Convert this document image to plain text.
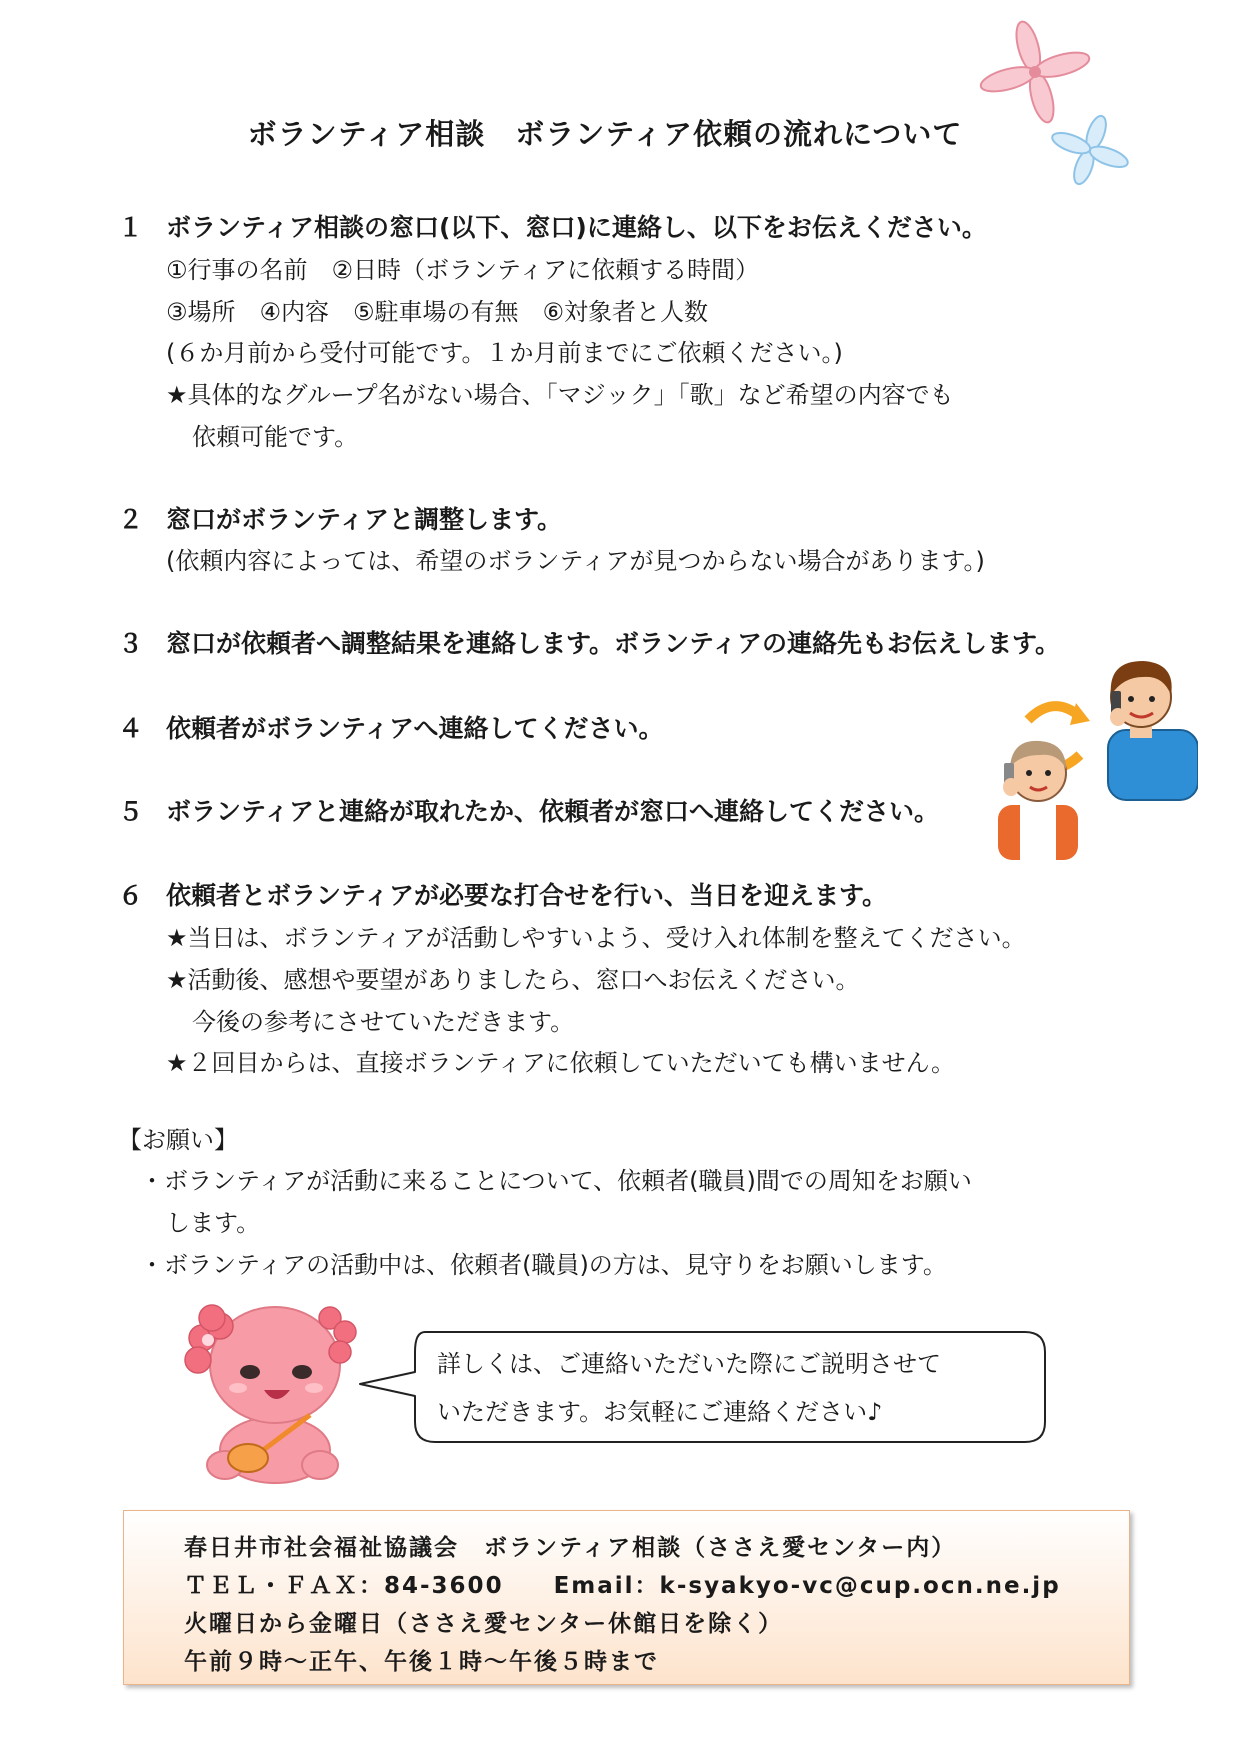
ボランティア相談　ボランティア依頼の流れについて
１ ボランティア相談の窓口(以下、窓口)に連絡し、以下をお伝えください。
①行事の名前　②日時（ボランティアに依頼する時間）
③場所　④内容　⑤駐車場の有無　⑥対象者と人数
(６か月前から受付可能です。１か月前までにご依頼ください。)
★具体的なグループ名がない場合、「マジック」「歌」など希望の内容でも
依頼可能です。
２ 窓口がボランティアと調整します。
(依頼内容によっては、希望のボランティアが見つからない場合があります。)
３ 窓口が依頼者へ調整結果を連絡します。ボランティアの連絡先もお伝えします。
４ 依頼者がボランティアへ連絡してください。
５ ボランティアと連絡が取れたか、依頼者が窓口へ連絡してください。
６ 依頼者とボランティアが必要な打合せを行い、当日を迎えます。
★当日は、ボランティアが活動しやすいよう、受け入れ体制を整えてください。
★活動後、感想や要望がありましたら、窓口へお伝えください。
今後の参考にさせていただきます。
★２回目からは、直接ボランティアに依頼していただいても構いません。
【お願い】
・ボランティアが活動に来ることについて、依頼者(職員)間での周知をお願い
します。
・ボランティアの活動中は、依頼者(職員)の方は、見守りをお願いします。
詳しくは、ご連絡いただいた際にご説明させて
いただきます。お気軽にご連絡ください♪
春日井市社会福祉協議会　ボランティア相談（ささえ愛センター内）
ＴＥＬ・ＦＡＸ：84-3600　　Email：k-syakyo-vc@cup.ocn.ne.jp
火曜日から金曜日（ささえ愛センター休館日を除く）
午前９時～正午、午後１時～午後５時まで
